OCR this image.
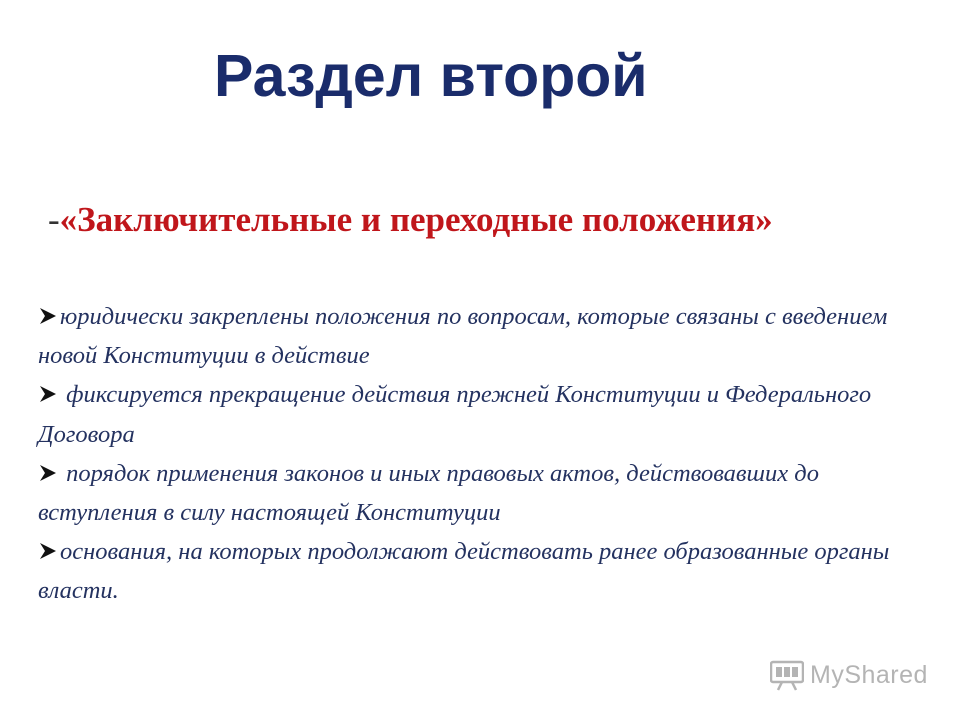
Раздел второй
-«Заключительные и переходные положения»
юридически закреплены положения по вопросам, которые связаны с введением новой Конституции в действие
фиксируется прекращение действия прежней Конституции и Федерального Договора
порядок применения законов и иных правовых актов, действовавших до вступления в силу настоящей Конституции
основания, на которых продолжают действовать ранее образованные органы власти.
MyShared
